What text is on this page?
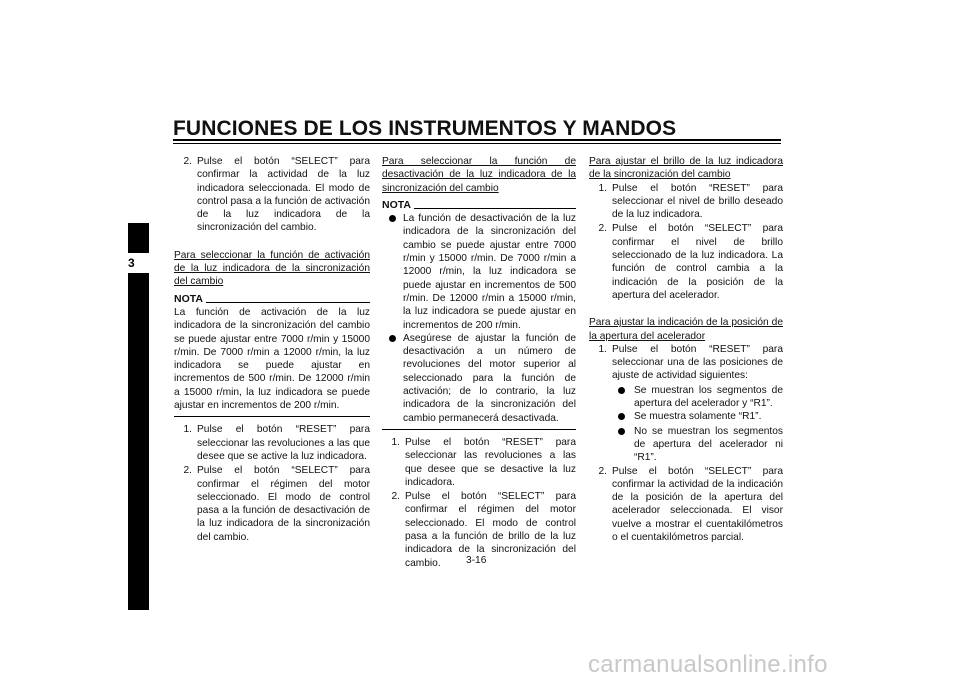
FUNCIONES DE LOS INSTRUMENTOS Y MANDOS
3
2. Pulse el botón “SELECT” para confirmar la actividad de la luz indicadora seleccionada. El modo de control pasa a la función de activación de la luz indicadora de la sincronización del cambio.

Para seleccionar la función de activación de la luz indicadora de la sincronización del cambio

NOTA
La función de activación de la luz indicadora de la sincronización del cambio se puede ajustar entre 7000 r/min y 15000 r/min. De 7000 r/min a 12000 r/min, la luz indicadora se puede ajustar en incrementos de 500 r/min. De 12000 r/min a 15000 r/min, la luz indicadora se puede ajustar en incrementos de 200 r/min.
1. Pulse el botón “RESET” para seleccionar las revoluciones a las que desee que se active la luz indicadora.
2. Pulse el botón “SELECT” para confirmar el régimen del motor seleccionado. El modo de control pasa a la función de desactivación de la luz indicadora de la sincronización del cambio.

Para seleccionar la función de desactivación de la luz indicadora de la sincronización del cambio

NOTA
La función de desactivación de la luz indicadora de la sincronización del cambio se puede ajustar entre 7000 r/min y 15000 r/min. De 7000 r/min a 12000 r/min, la luz indicadora se puede ajustar en incrementos de 500 r/min. De 12000 r/min a 15000 r/min, la luz indicadora se puede ajustar en incrementos de 200 r/min.
Asegúrese de ajustar la función de desactivación a un número de revoluciones del motor superior al seleccionado para la función de activación; de lo contrario, la luz indicadora de la sincronización del cambio permanecerá desactivada.
1. Pulse el botón “RESET” para seleccionar las revoluciones a las que desee que se desactive la luz indicadora.
2. Pulse el botón “SELECT” para confirmar el régimen del motor seleccionado. El modo de control pasa a la función de brillo de la luz indicadora de la sincronización del cambio.

Para ajustar el brillo de la luz indicadora de la sincronización del cambio

1. Pulse el botón “RESET” para seleccionar el nivel de brillo deseado de la luz indicadora.
2. Pulse el botón “SELECT” para confirmar el nivel de brillo seleccionado de la luz indicadora. La función de control cambia a la indicación de la posición de la apertura del acelerador.

Para ajustar la indicación de la posición de la apertura del acelerador

1. Pulse el botón “RESET” para seleccionar una de las posiciones de ajuste de actividad siguientes:
Se muestran los segmentos de apertura del acelerador y “R1”.
Se muestra solamente “R1”.
No se muestran los segmentos de apertura del acelerador ni “R1”.
2. Pulse el botón “SELECT” para confirmar la actividad de la indicación de la posición de la apertura del acelerador seleccionada. El visor vuelve a mostrar el cuentakilómetros o el cuentakilómetros parcial.
3-16
carmanualsonline.info
